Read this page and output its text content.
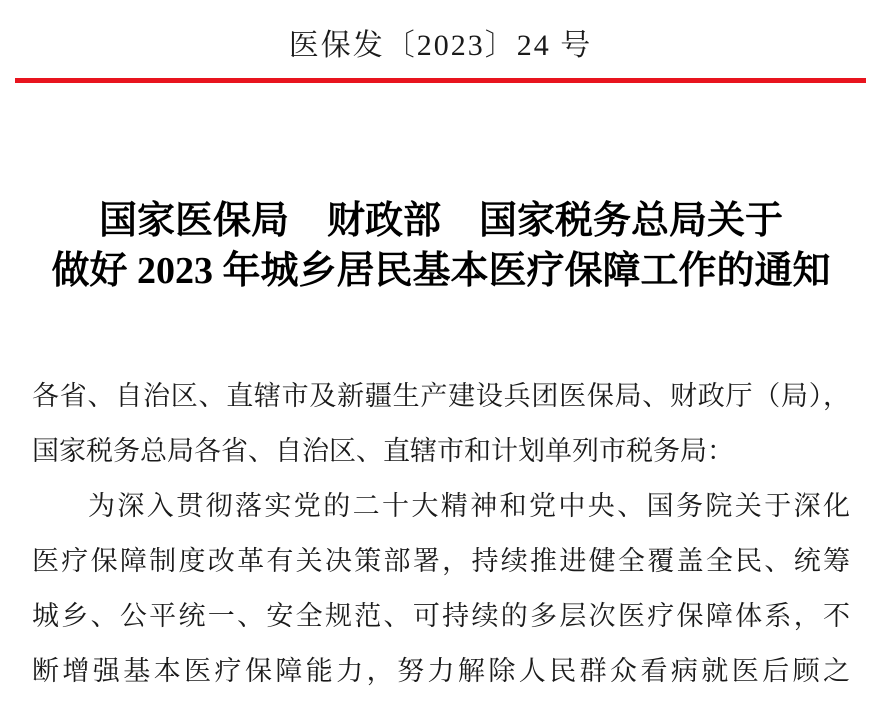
医保发〔2023〕24 号
国家医保局　财政部　国家税务总局关于
做好 2023 年城乡居民基本医疗保障工作的通知
各省、自治区、直辖市及新疆生产建设兵团医保局、财政厅（局），
国家税务总局各省、自治区、直辖市和计划单列市税务局：
为深入贯彻落实党的二十大精神和党中央、国务院关于深化
医疗保障制度改革有关决策部署，持续推进健全覆盖全民、统筹
城乡、公平统一、安全规范、可持续的多层次医疗保障体系，不
断增强基本医疗保障能力，努力解除人民群众看病就医后顾之
